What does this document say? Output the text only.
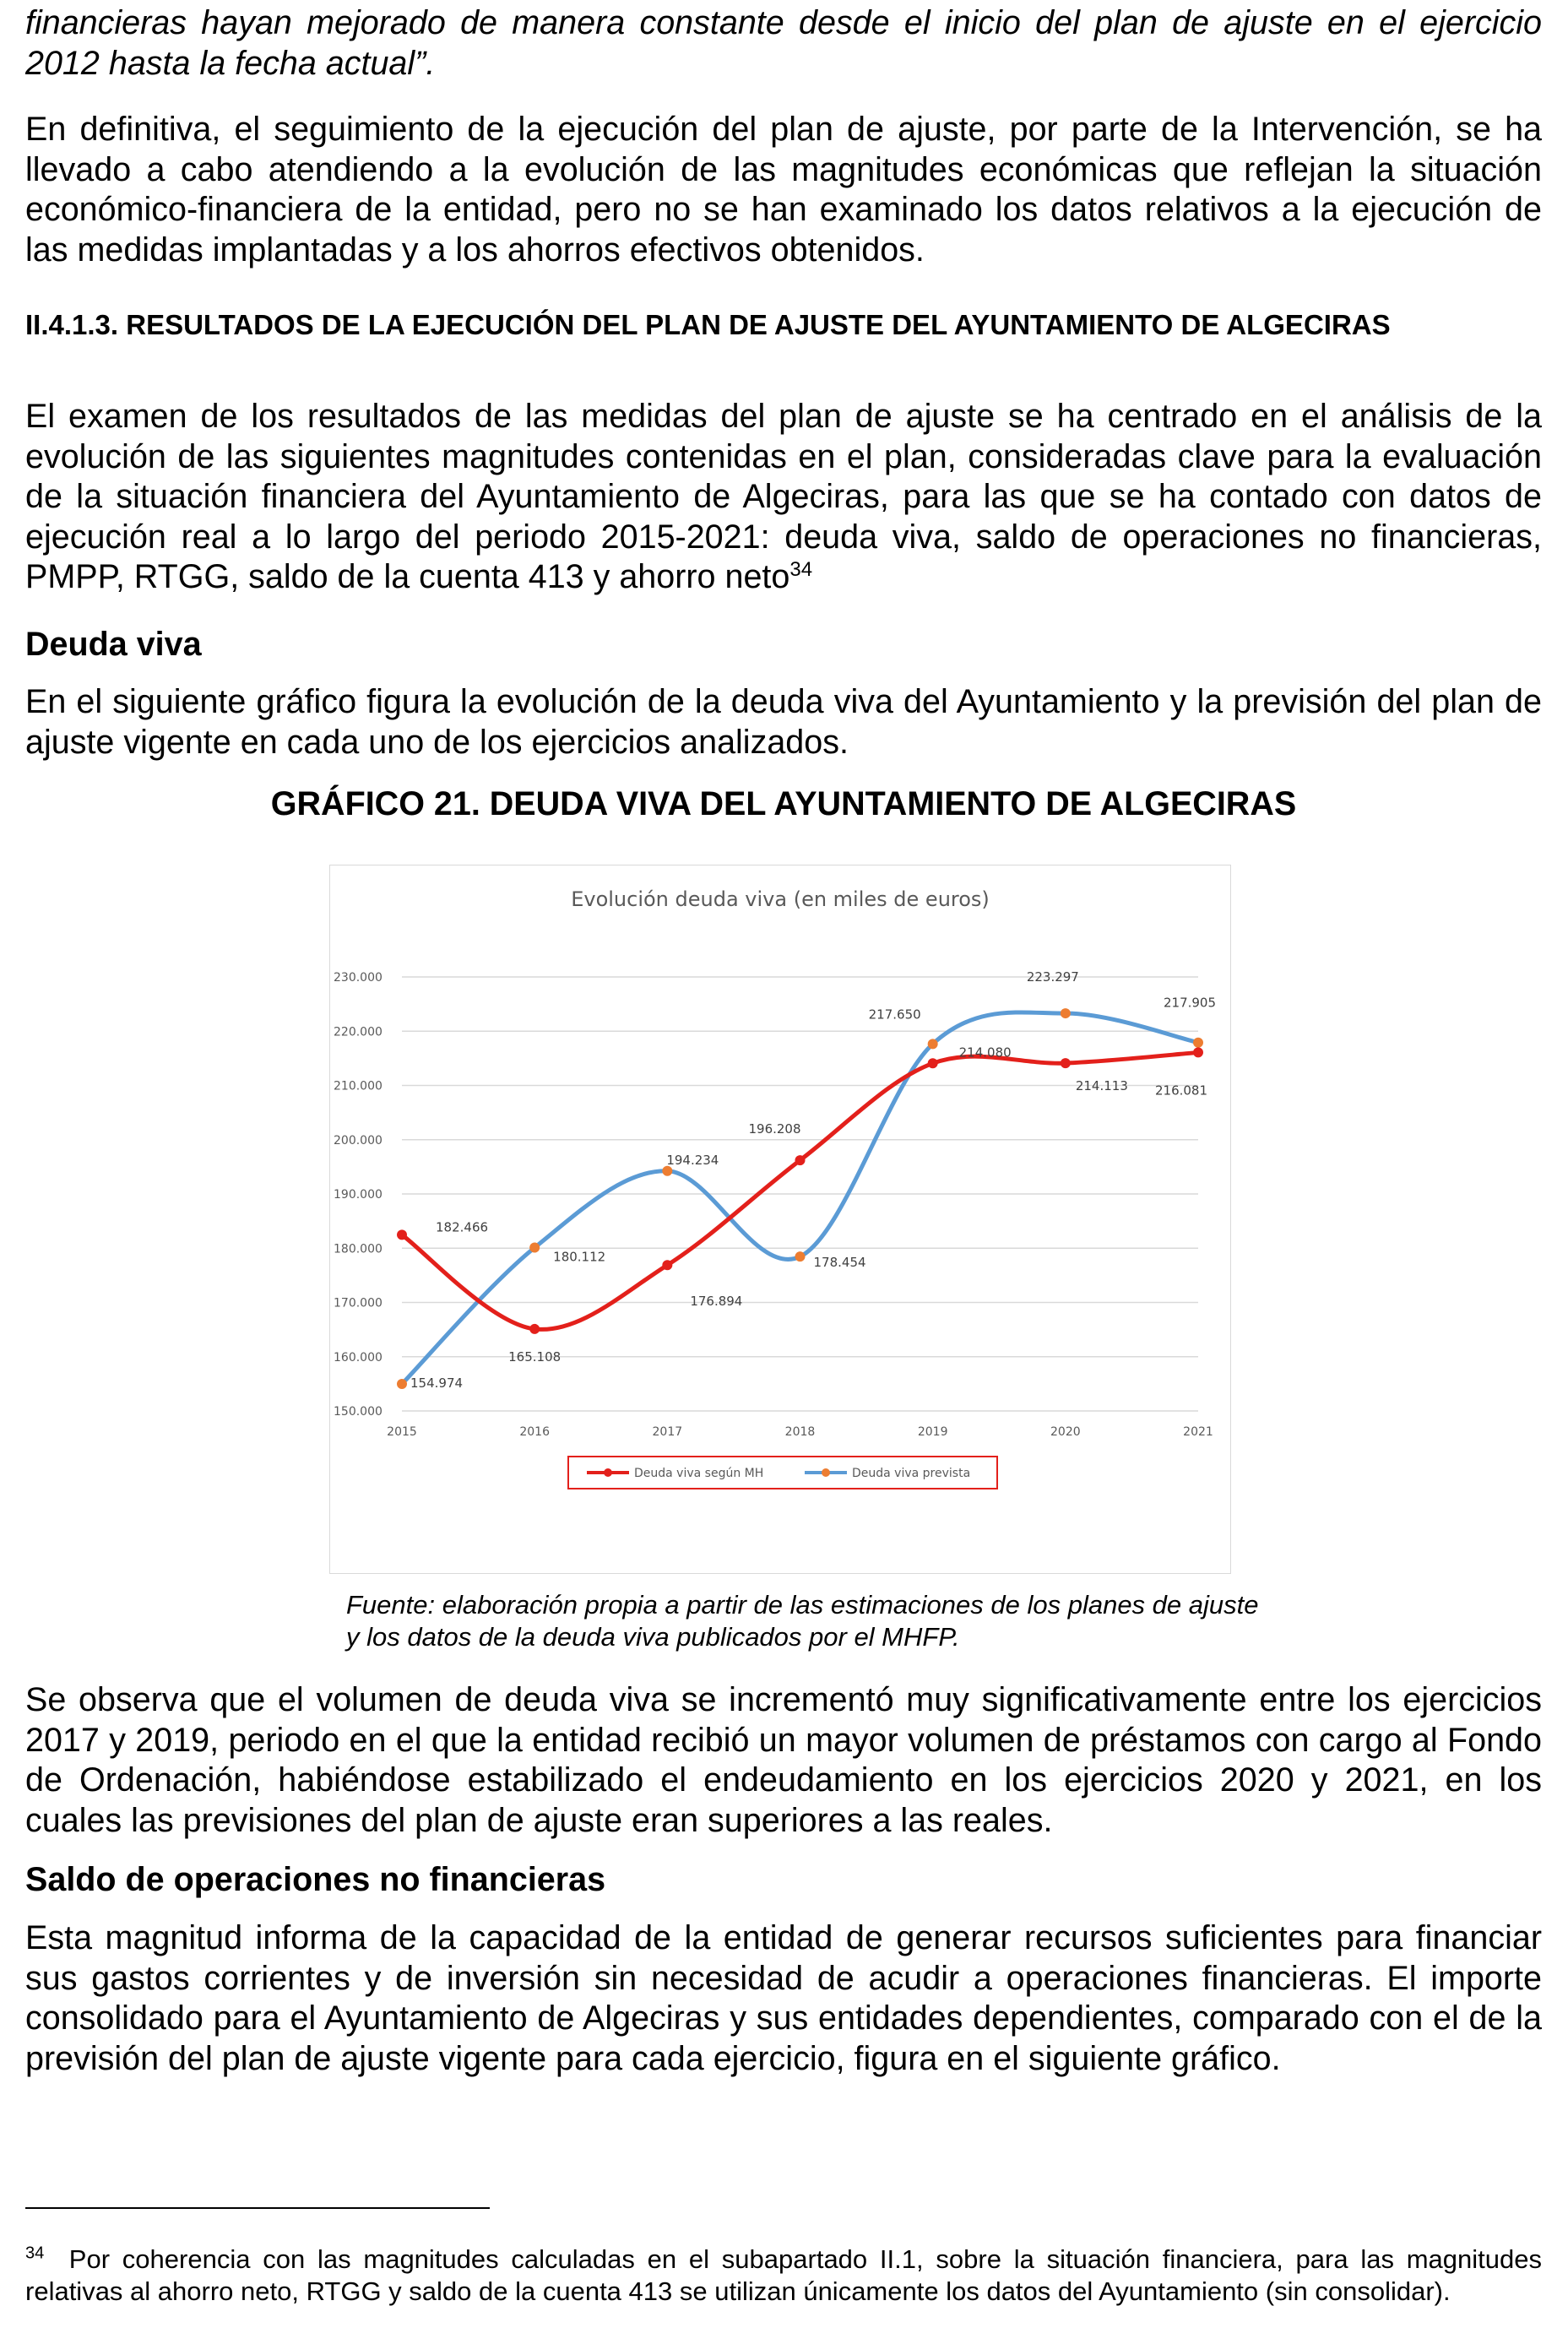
financieras hayan mejorado de manera constante desde el inicio del plan de ajuste en el ejercicio 2012 hasta la fecha actual”.

En definitiva, el seguimiento de la ejecución del plan de ajuste, por parte de la Intervención, se ha llevado a cabo atendiendo a la evolución de las magnitudes económicas que reflejan la situación económico-financiera de la entidad, pero no se han examinado los datos relativos a la ejecución de las medidas implantadas y a los ahorros efectivos obtenidos.

II.4.1.3. RESULTADOS DE LA EJECUCIÓN DEL PLAN DE AJUSTE DEL AYUNTAMIENTO DE ALGECIRAS

El examen de los resultados de las medidas del plan de ajuste se ha centrado en el análisis de la evolución de las siguientes magnitudes contenidas en el plan, consideradas clave para la evaluación de la situación financiera del Ayuntamiento de Algeciras, para las que se ha contado con datos de ejecución real a lo largo del periodo 2015-2021: deuda viva, saldo de operaciones no financieras, PMPP, RTGG, saldo de la cuenta 413 y ahorro neto$^{34}$

Deuda viva

En el siguiente gráfico figura la evolución de la deuda viva del Ayuntamiento y la previsión del plan de ajuste vigente en cada uno de los ejercicios analizados.

GRÁFICO 21. DEUDA VIVA DEL AYUNTAMIENTO DE ALGECIRAS

Se observa que el volumen de deuda viva se incrementó muy significativamente entre los ejercicios 2017 y 2019, periodo en el que la entidad recibió un mayor volumen de préstamos con cargo al Fondo de Ordenación, habiéndose estabilizado el endeudamiento en los ejercicios 2020 y 2021, en los cuales las previsiones del plan de ajuste eran superiores a las reales.

Saldo de operaciones no financieras

Esta magnitud informa de la capacidad de la entidad de generar recursos suficientes para financiar sus gastos corrientes y de inversión sin necesidad de acudir a operaciones financieras. El importe consolidado para el Ayuntamiento de Algeciras y sus entidades dependientes, comparado con el de la previsión del plan de ajuste vigente para cada ejercicio, figura en el siguiente gráfico.

Evolución deuda viva (en miles de euros)
150.000
160.000
170.000
180.000
190.000
200.000
210.000
220.000
230.000
2015	2016	2017	2018	2019	2020	2021
182.466
165.108
176.894
196.208
214.080
214.113 216.081
154.974
180.112
194.234
178.454
217.650
223.297
217.905
Deuda viva según MH	Deuda viva prevista
Fuente: elaboración propia a partir de las estimaciones de los planes de ajuste y los datos de la deuda viva publicados por el MHFP.
$^{34}$ Por coherencia con las magnitudes calculadas en el subapartado II.1, sobre la situación financiera, para las magnitudes relativas al ahorro neto, RTGG y saldo de la cuenta 413 se utilizan únicamente los datos del Ayuntamiento (sin consolidar).
